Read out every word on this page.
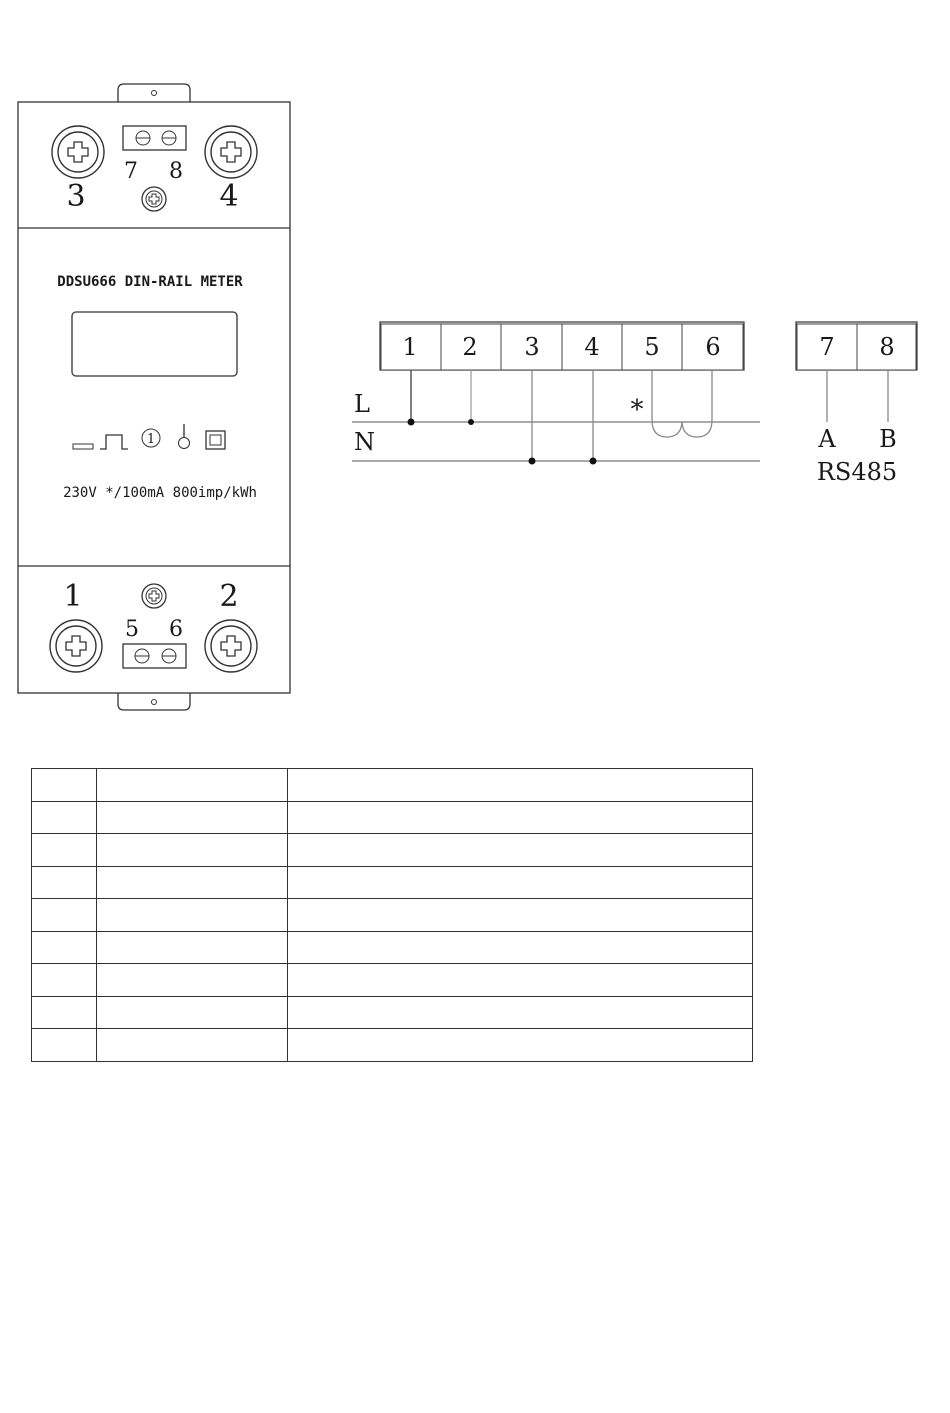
7 8
3	4
DDSU666 DIN-RAIL METER
1
230V */100mA 800imp/kWh
1	2
5 6
1 2 3 4 5 6	7 8
L
N
*
A B
RS485
